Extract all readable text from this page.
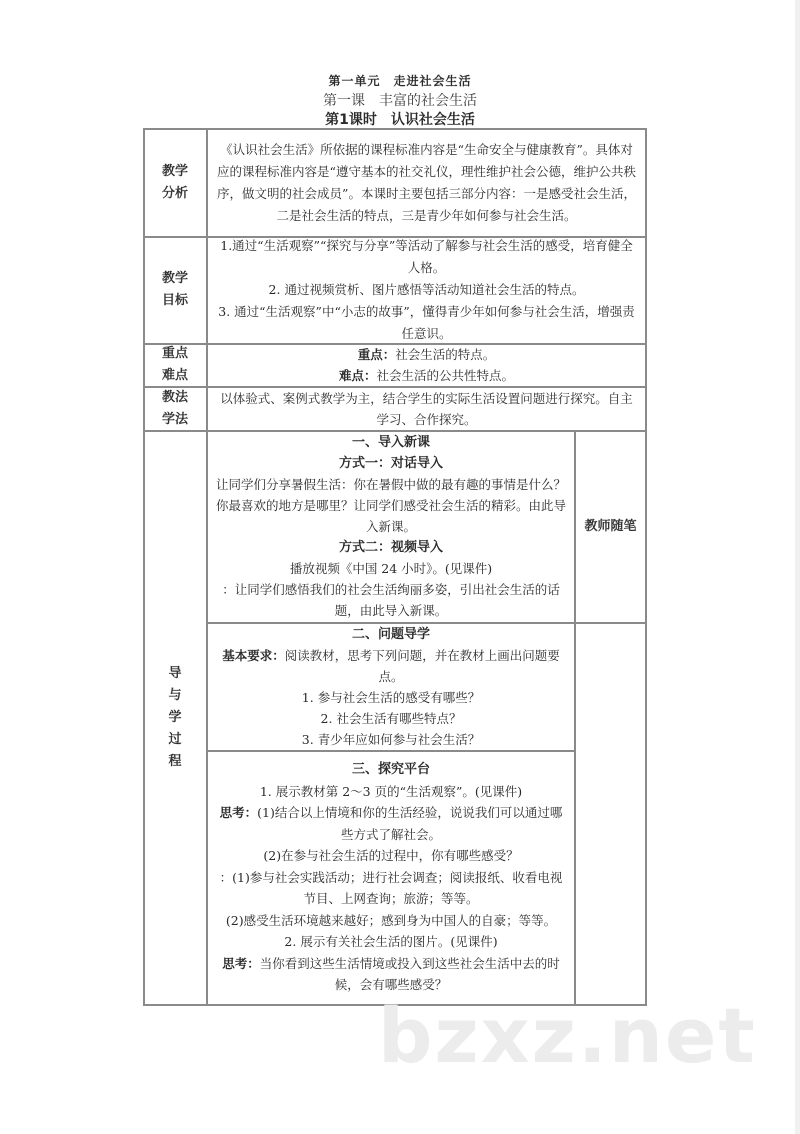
第一单元　走进社会生活
第一课　丰富的社会生活
第1课时　认识社会生活
教学
分析

《认识社会生活》所依据的课程标准内容是“生命安全与健康教育”。具体对应的课程标准内容是“遵守基本的社交礼仪，理性维护社会公德，维护公共秩序，做文明的社会成员”。本课时主要包括三部分内容：一是感受社会生活，二是社会生活的特点，三是青少年如何参与社会生活。

教学
目标

1.通过“生活观察”“探究与分享”等活动了解参与社会生活的感受，培育健全人格。

2. 通过视频赏析、图片感悟等活动知道社会生活的特点。

3. 通过“生活观察”中“小志的故事”，懂得青少年如何参与社会生活，增强责任意识。

重点
难点

重点：社会生活的特点。

难点：社会生活的公共性特点。

教法
学法

以体验式、案例式教学为主，结合学生的实际生活设置问题进行探究。自主学习、合作探究。

导
与
学
过
程

一、导入新课

方式一：对话导入

让同学们分享暑假生活：你在暑假中做的最有趣的事情是什么？你最喜欢的地方是哪里？让同学们感受社会生活的精彩。由此导入新课。

方式二：视频导入

播放视频《中国 24 小时》。(见课件)

：让同学们感悟我们的社会生活绚丽多姿，引出社会生活的话题，由此导入新课。

教师随笔

二、问题导学

基本要求：阅读教材，思考下列问题，并在教材上画出问题要点。

1. 参与社会生活的感受有哪些？

2. 社会生活有哪些特点？

3. 青少年应如何参与社会生活？

三、探究平台

1. 展示教材第 2～3 页的“生活观察”。(见课件)

思考：(1)结合以上情境和你的生活经验，说说我们可以通过哪些方式了解社会。

(2)在参与社会生活的过程中，你有哪些感受？

：(1)参与社会实践活动；进行社会调查；阅读报纸、收看电视节目、上网查询；旅游；等等。

(2)感受生活环境越来越好；感到身为中国人的自豪；等等。

2. 展示有关社会生活的图片。(见课件)

思考：当你看到这些生活情境或投入到这些社会生活中去的时候，会有哪些感受？

bzxz.net
